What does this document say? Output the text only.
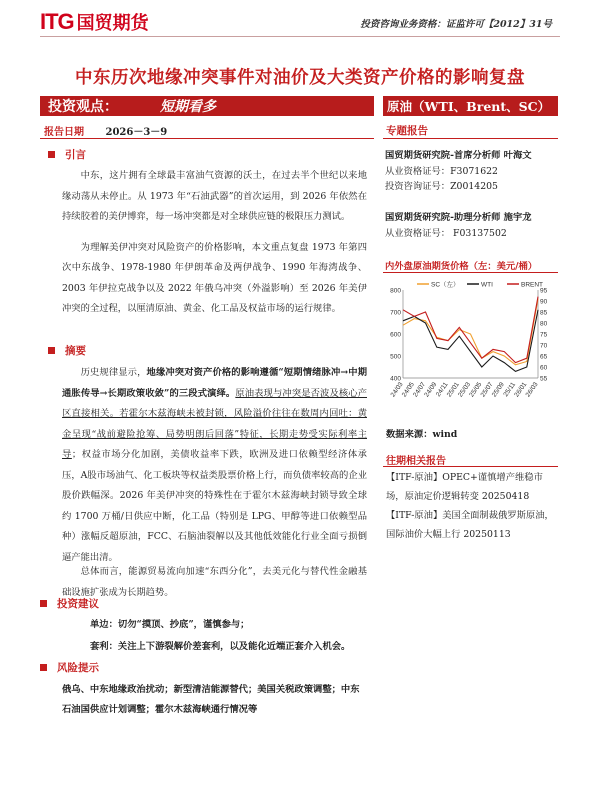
ITG 国贸期货	投资咨询业务资格：证监许可【2012】31号
中东历次地缘冲突事件对油价及大类资产价格的影响复盘
投资观点：	短期看多
报告日期 2026－3－9
引言
中东，这片拥有全球最丰富油气资源的沃土，在过去半个世纪以来地缘动荡从未停止。从 1973 年“石油武器”的首次运用，到 2026 年依然在持续胶着的美伊博弈，每一场冲突都是对全球供应链的极限压力测试。
为理解美伊冲突对风险资产的价格影响，本文重点复盘 1973 年第四次中东战争、1978-1980 年伊朗革命及两伊战争、1990 年海湾战争、2003 年伊拉克战争以及 2022 年俄乌冲突（外溢影响）至 2026 年美伊冲突的全过程，以厘清原油、黄金、化工品及权益市场的运行规律。
摘要
历史规律显示，地缘冲突对资产价格的影响遵循“短期情绪脉冲→中期通胀传导→长期政策收敛”的三段式演绎。原油表现与冲突是否波及核心产区直接相关。若霍尔木兹海峡未被封锁，风险溢价往往在数周内回吐：黄金呈现“战前避险抢筹、局势明朗后回落”特征，长期走势受实际利率主导；权益市场分化加剧，美债收益率下跌，欧洲及进口依赖型经济体承压，A股市场油气、化工板块等权益类股票价格上行，而负债率较高的企业股价跌幅深。2026 年美伊冲突的特殊性在于霍尔木兹海峡封锁导致全球约 1700 万桶/日供应中断，化工品（特别是 LPG、甲醇等进口依赖型品种）涨幅反超原油，FCC、石脑油裂解以及其他低效能化行业全面亏损倒逼产能出清。
总体而言，能源贸易流向加速“东西分化”，去美元化与替代性金融基础设施扩张成为长期趋势。
投资建议
单边：切勿“摸顶、抄底”，谨慎参与；
套利：关注上下游裂解价差套利，以及能化近端正套介入机会。
风险提示
俄乌、中东地缘政治扰动；新型清洁能源替代；美国关税政策调整；中东石油国供应计划调整；霍尔木兹海峡通行情况等
原油（WTI、Brent、SC）
专题报告
国贸期货研究院-首席分析师 叶海文
从业资格证号：F3071622
投资咨询证号：Z0014205
国贸期货研究院-助理分析师 施宇龙
从业资格证号： F03137502
内外盘原油期货价格（左：美元/桶）
400
500
600
700
800
55
60
65
70
75
80
85
90
95
24/03
24/05
24/07
24/09
24/11
25/01
25/03
25/05
25/07
25/09
25/11
26/01
26/03
SC（左）	WTI	BRENT
数据来源：wind
往期相关报告
【ITF-原油】OPEC+谨慎增产维稳市场，原油定价逻辑转变 20250418
【ITF-原油】美国全面制裁俄罗斯原油，国际油价大幅上行 20250113
